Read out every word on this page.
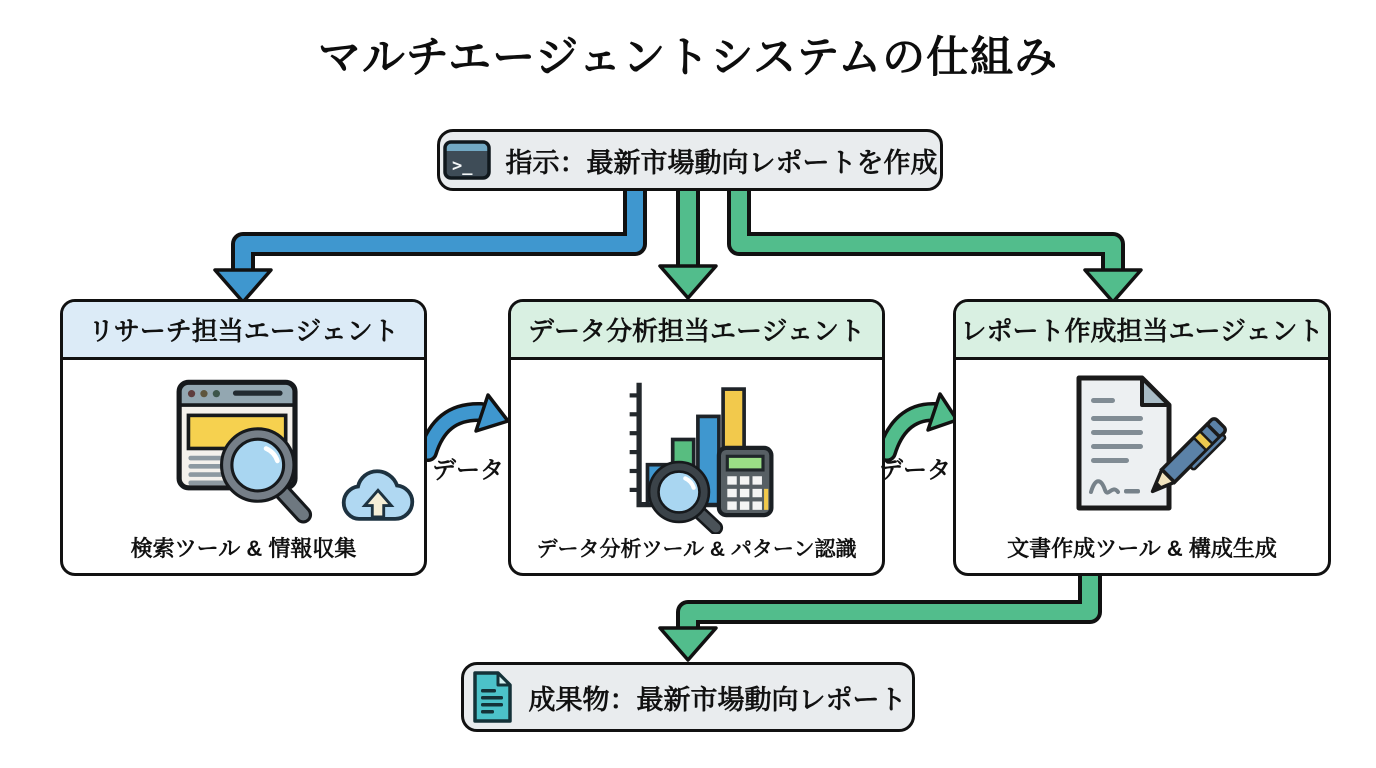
マルチエージェントシステムの仕組み
>_ 指示：最新市場動向レポートを作成
リサーチ担当エージェント
検索ツール & 情報収集
データ分析担当エージェント
データ分析ツール & パターン認識
レポート作成担当エージェント
文書作成ツール & 構成生成
データ	データ
成果物：最新市場動向レポート
